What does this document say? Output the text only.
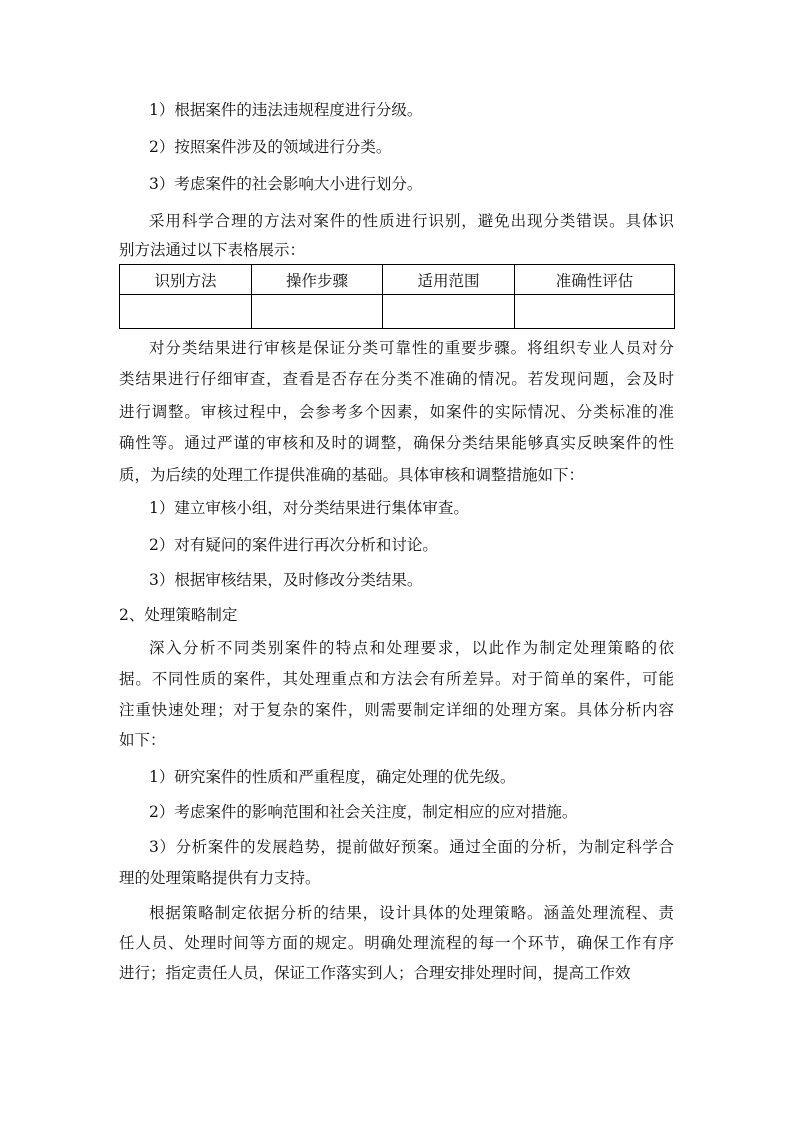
识别方法	操作步骤	适用范围	准确性评估

1）根据案件的违法违规程度进行分级。
2）按照案件涉及的领域进行分类。
3）考虑案件的社会影响大小进行划分。
采用科学合理的方法对案件的性质进行识别，避免出现分类错误。具体识
别方法通过以下表格展示：
对分类结果进行审核是保证分类可靠性的重要步骤。将组织专业人员对分
类结果进行仔细审查，查看是否存在分类不准确的情况。若发现问题，会及时
进行调整。审核过程中，会参考多个因素，如案件的实际情况、分类标准的准
确性等。通过严谨的审核和及时的调整，确保分类结果能够真实反映案件的性
质，为后续的处理工作提供准确的基础。具体审核和调整措施如下：
1）建立审核小组，对分类结果进行集体审查。
2）对有疑问的案件进行再次分析和讨论。
3）根据审核结果，及时修改分类结果。
2、处理策略制定
深入分析不同类别案件的特点和处理要求，以此作为制定处理策略的依
据。不同性质的案件，其处理重点和方法会有所差异。对于简单的案件，可能
注重快速处理；对于复杂的案件，则需要制定详细的处理方案。具体分析内容
如下：
1）研究案件的性质和严重程度，确定处理的优先级。
2）考虑案件的影响范围和社会关注度，制定相应的应对措施。
3）分析案件的发展趋势，提前做好预案。通过全面的分析，为制定科学合
理的处理策略提供有力支持。
根据策略制定依据分析的结果，设计具体的处理策略。涵盖处理流程、责
任人员、处理时间等方面的规定。明确处理流程的每一个环节，确保工作有序
进行；指定责任人员，保证工作落实到人；合理安排处理时间，提高工作效
